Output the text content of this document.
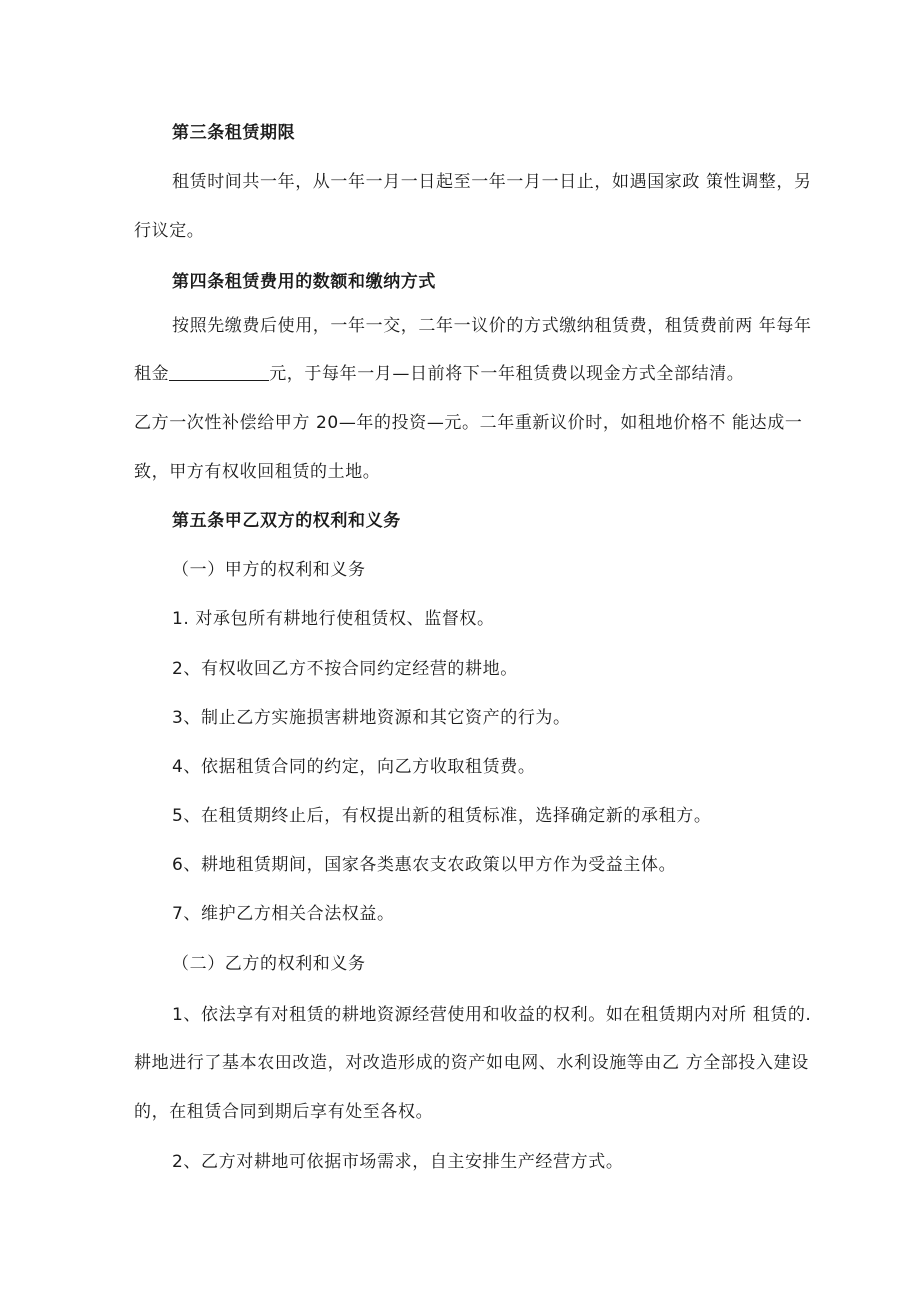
第三条租赁期限
租赁时间共一年，从一年一月一日起至一年一月一日止，如遇国家政 策性调整，另
行议定。
第四条租赁费用的数额和缴纳方式
按照先缴费后使用，一年一交，二年一议价的方式缴纳租赁费，租赁费前两 年每年
租金	元，于每年一月—日前将下一年租赁费以现金方式全部结清。
乙方一次性补偿给甲方 20—年的投资—元。二年重新议价时，如租地价格不 能达成一
致，甲方有权收回租赁的土地。
第五条甲乙双方的权利和义务
（一）甲方的权利和义务
1. 对承包所有耕地行使租赁权、监督权。
2、有权收回乙方不按合同约定经营的耕地。
3、制止乙方实施损害耕地资源和其它资产的行为。
4、依据租赁合同的约定，向乙方收取租赁费。
5、在租赁期终止后，有权提出新的租赁标准，选择确定新的承租方。
6、耕地租赁期间，国家各类惠农支农政策以甲方作为受益主体。
7、维护乙方相关合法权益。
（二）乙方的权利和义务
1、依法享有对租赁的耕地资源经营使用和收益的权利。如在租赁期内对所 租赁的.
耕地进行了基本农田改造，对改造形成的资产如电网、水利设施等由乙 方全部投入建设
的，在租赁合同到期后享有处至各权。
2、乙方对耕地可依据市场需求，自主安排生产经营方式。
